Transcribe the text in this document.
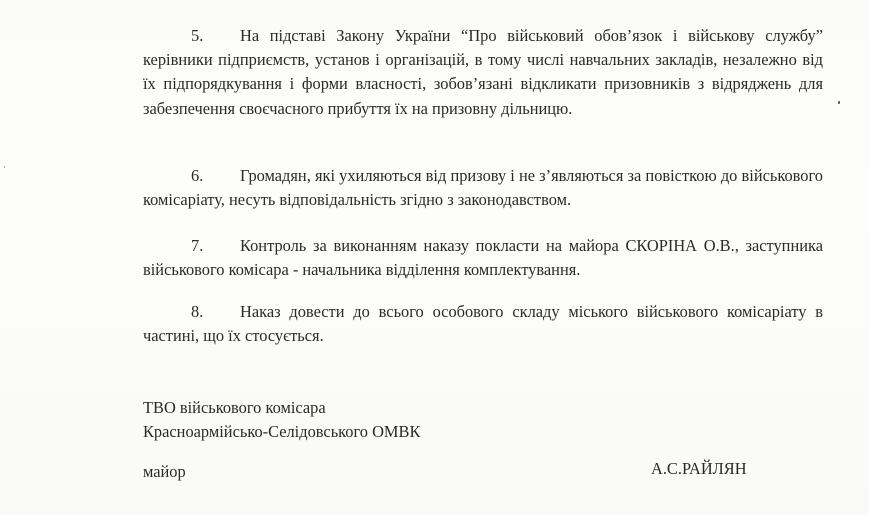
5. На підставі Закону України “Про військовий обов’язок і військову службу” керівники підприємств, установ і організацій, в тому числі навчальних закладів, незалежно від їх підпорядкування і форми власності, зобов’язані відкликати призовників з відряджень для забезпечення своєчасного прибуття їх на призовну дільницю.
6. Громадян, які ухиляються від призову і не з’являються за повісткою до військового комісаріату, несуть відповідальність згідно з законодавством.
7. Контроль за виконанням наказу покласти на майора СКОРІНА О.В., заступника військового комісара - начальника відділення комплектування.
8. Наказ довести до всього особового складу міського військового комісаріату в частині, що їх стосується.
ТВО військового комісара
Красноармійсько-Селідовського ОМВК
майор	А.С.РАЙЛЯН
